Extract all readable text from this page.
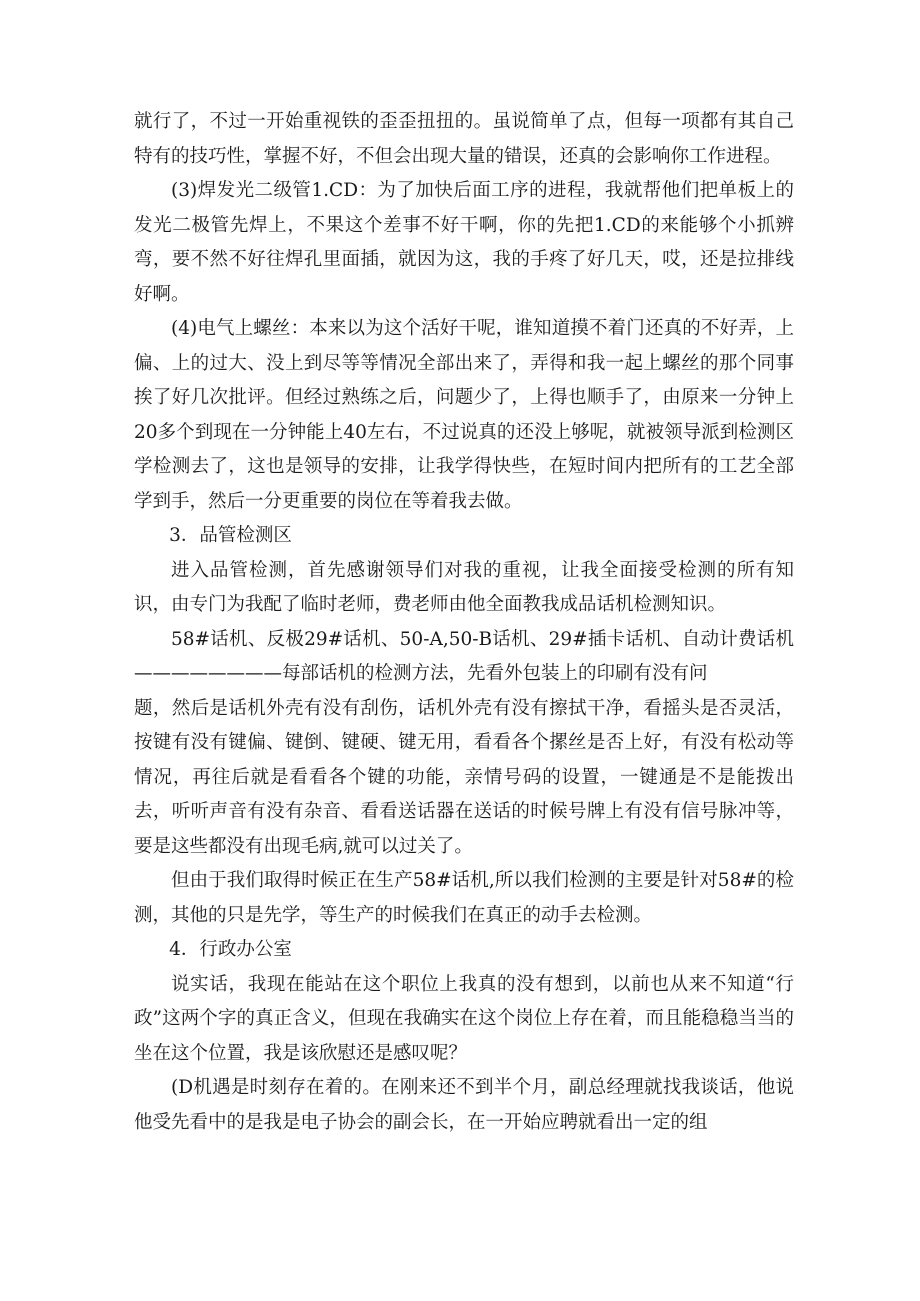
就行了，不过一开始重视铁的歪歪扭扭的。虽说简单了点，但每一项都有其自己特有的技巧性，掌握不好，不但会出现大量的错误，还真的会影响你工作进程。

(3)焊发光二级管1.CD：为了加快后面工序的进程，我就帮他们把单板上的发光二极管先焊上，不果这个差事不好干啊，你的先把1.CD的来能够个小抓辨弯，要不然不好往焊孔里面插，就因为这，我的手疼了好几天，哎，还是拉排线好啊。

(4)电气上螺丝：本来以为这个活好干呢，谁知道摸不着门还真的不好弄，上偏、上的过大、没上到尽等等情况全部出来了，弄得和我一起上螺丝的那个同事挨了好几次批评。但经过熟练之后，问题少了，上得也顺手了，由原来一分钟上20多个到现在一分钟能上40左右，不过说真的还没上够呢，就被领导派到检测区学检测去了，这也是领导的安排，让我学得快些，在短时间内把所有的工艺全部学到手，然后一分更重要的岗位在等着我去做。

3．品管检测区

进入品管检测，首先感谢领导们对我的重视，让我全面接受检测的所有知识，由专门为我配了临时老师，费老师由他全面教我成品话机检测知识。

58#话机、反极29#话机、50-A,50-B话机、29#插卡话机、自动计费话机————————每部话机的检测方法，先看外包装上的印刷有没有问

题，然后是话机外壳有没有刮伤，话机外壳有没有擦拭干净，看摇头是否灵活，按键有没有键偏、键倒、键硬、键无用，看看各个摞丝是否上好，有没有松动等情况，再往后就是看看各个键的功能，亲情号码的设置，一键通是不是能拨出去，听听声音有没有杂音、看看送话器在送话的时候号牌上有没有信号脉冲等，要是这些都没有出现毛病,就可以过关了。

但由于我们取得时候正在生产58#话机,所以我们检测的主要是针对58#的检测，其他的只是先学，等生产的时候我们在真正的动手去检测。

4．行政办公室

说实话，我现在能站在这个职位上我真的没有想到，以前也从来不知道“行政”这两个字的真正含义，但现在我确实在这个岗位上存在着，而且能稳稳当当的坐在这个位置，我是该欣慰还是感叹呢？

(D机遇是时刻存在着的。在刚来还不到半个月，副总经理就找我谈话，他说他受先看中的是我是电子协会的副会长，在一开始应聘就看出一定的组
